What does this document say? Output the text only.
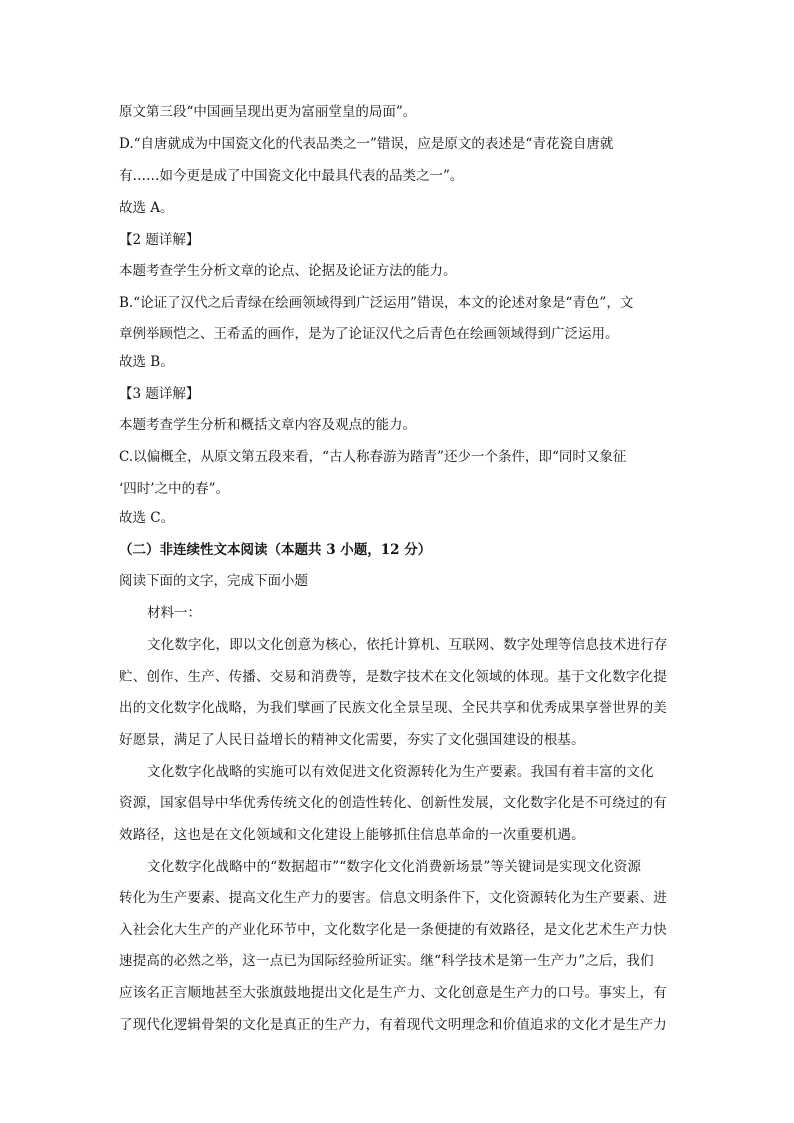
原文第三段“中国画呈现出更为富丽堂皇的局面”。
D.“自唐就成为中国瓷文化的代表品类之一”错误，应是原文的表述是“青花瓷自唐就
有……如今更是成了中国瓷文化中最具代表的品类之一”。
故选 A。
【2 题详解】
本题考查学生分析文章的论点、论据及论证方法的能力。
B.“论证了汉代之后青绿在绘画领域得到广泛运用”错误，本文的论述对象是“青色”，文
章例举顾恺之、王希孟的画作，是为了论证汉代之后青色在绘画领域得到广泛运用。
故选 B。
【3 题详解】
本题考查学生分析和概括文章内容及观点的能力。
C.以偏概全，从原文第五段来看，“古人称春游为踏青”还少一个条件，即“同时又象征
‘四时’之中的春”。
故选 C。
（二）非连续性文本阅读（本题共 3 小题，12 分）
阅读下面的文字，完成下面小题
材料一：
文化数字化，即以文化创意为核心，依托计算机、互联网、数字处理等信息技术进行存
贮、创作、生产、传播、交易和消费等，是数字技术在文化领域的体现。基于文化数字化提
出的文化数字化战略，为我们擘画了民族文化全景呈现、全民共享和优秀成果享誉世界的美
好愿景，满足了人民日益增长的精神文化需要，夯实了文化强国建设的根基。
文化数字化战略的实施可以有效促进文化资源转化为生产要素。我国有着丰富的文化
资源，国家倡导中华优秀传统文化的创造性转化、创新性发展，文化数字化是不可绕过的有
效路径，这也是在文化领域和文化建设上能够抓住信息革命的一次重要机遇。
文化数字化战略中的“数据超市”“数字化文化消费新场景”等关键词是实现文化资源
转化为生产要素、提高文化生产力的要害。信息文明条件下，文化资源转化为生产要素、进
入社会化大生产的产业化环节中，文化数字化是一条便捷的有效路径，是文化艺术生产力快
速提高的必然之举，这一点已为国际经验所证实。继“科学技术是第一生产力”之后，我们
应该名正言顺地甚至大张旗鼓地提出文化是生产力、文化创意是生产力的口号。事实上，有
了现代化逻辑骨架的文化是真正的生产力，有着现代文明理念和价值追求的文化才是生产力
